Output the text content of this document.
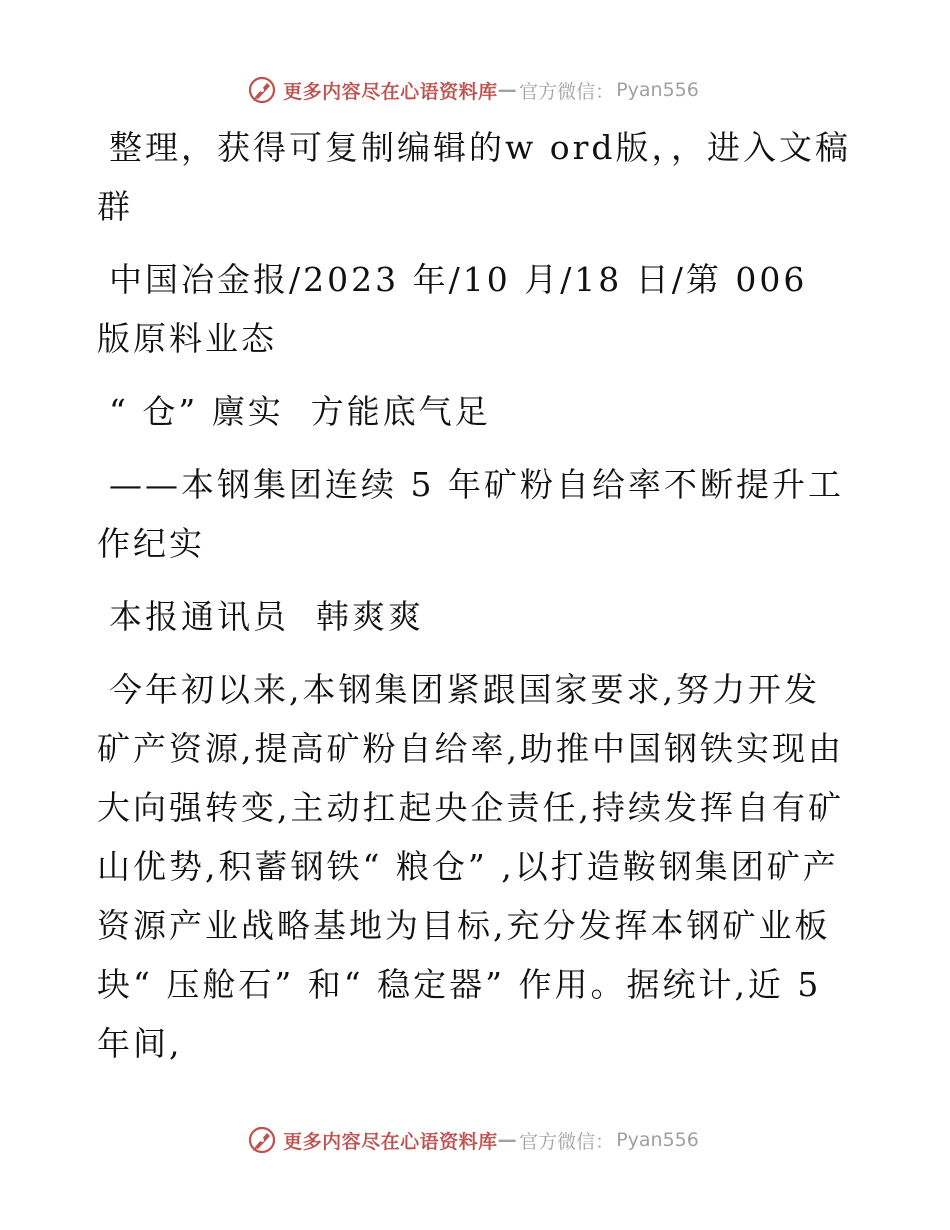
更多内容尽在心语资料库 — 官方微信： Pyan556

整理，获得可复制编辑的w ord版，，进入文稿群

中国冶金报/2023 年/10 月/18 日/第 006 版原料业态

“ 仓” 廪实  方能底气足

——本钢集团连续 5 年矿粉自给率不断提升工作纪实

本报通讯员  韩爽爽

今年初以来,本钢集团紧跟国家要求,努力开发矿产资源,提高矿粉自给率,助推中国钢铁实现由大向强转变,主动扛起央企责任,持续发挥自有矿山优势,积蓄钢铁“ 粮仓” ,以打造鞍钢集团矿产资源产业战略基地为目标,充分发挥本钢矿业板块“ 压舱石” 和“ 稳定器” 作用。据统计,近 5 年间,

更多内容尽在心语资料库 — 官方微信： Pyan556
